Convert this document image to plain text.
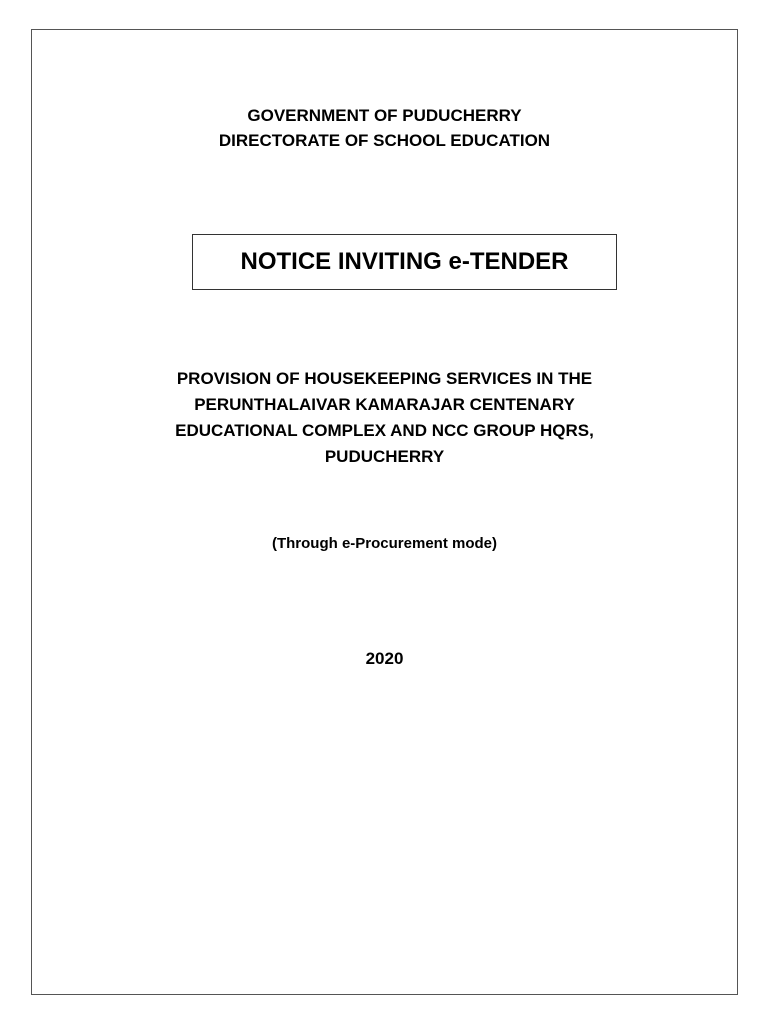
GOVERNMENT OF PUDUCHERRY
DIRECTORATE OF SCHOOL EDUCATION
NOTICE INVITING e-TENDER
PROVISION OF HOUSEKEEPING SERVICES IN THE
PERUNTHALAIVAR KAMARAJAR CENTENARY
EDUCATIONAL COMPLEX AND NCC GROUP HQRS,
PUDUCHERRY
(Through e-Procurement mode)
2020
